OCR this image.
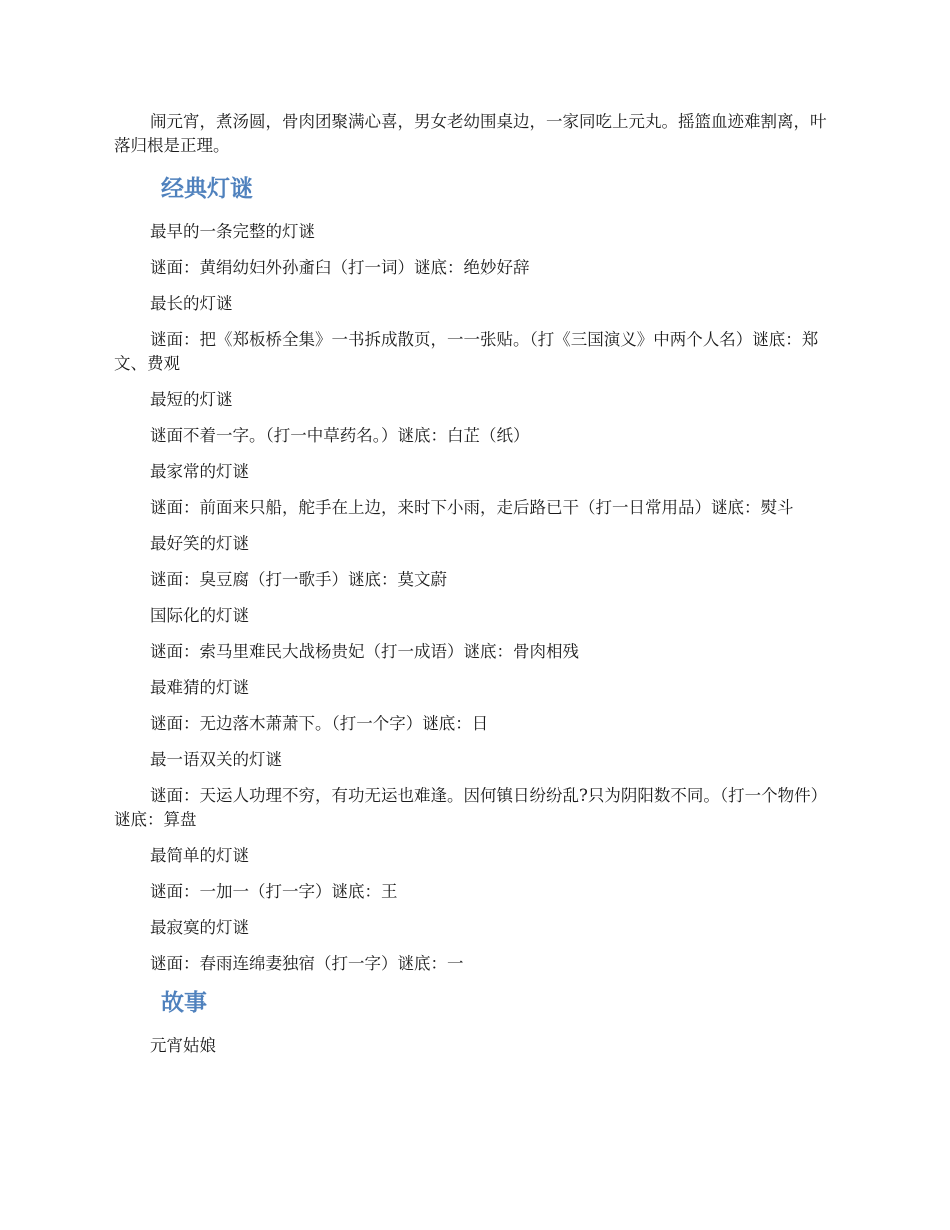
闹元宵，煮汤圆，骨肉团聚满心喜，男女老幼围桌边，一家同吃上元丸。摇篮血迹难割离，叶落归根是正理。

经典灯谜

最早的一条完整的灯谜

谜面：黄绢幼妇外孙齑臼（打一词）谜底：绝妙好辞

最长的灯谜

谜面：把《郑板桥全集》一书拆成散页，一一张贴。（打《三国演义》中两个人名）谜底：郑文、费观

最短的灯谜

谜面不着一字。（打一中草药名。）谜底：白芷（纸）

最家常的灯谜

谜面：前面来只船，舵手在上边，来时下小雨，走后路已干（打一日常用品）谜底：熨斗

最好笑的灯谜

谜面：臭豆腐（打一歌手）谜底：莫文蔚

国际化的灯谜

谜面：索马里难民大战杨贵妃（打一成语）谜底：骨肉相残

最难猜的灯谜

谜面：无边落木萧萧下。（打一个字）谜底：日

最一语双关的灯谜

谜面：天运人功理不穷，有功无运也难逢。因何镇日纷纷乱?只为阴阳数不同。（打一个物件）谜底：算盘

最简单的灯谜

谜面：一加一（打一字）谜底：王

最寂寞的灯谜

谜面：春雨连绵妻独宿（打一字）谜底：一

故事

元宵姑娘
